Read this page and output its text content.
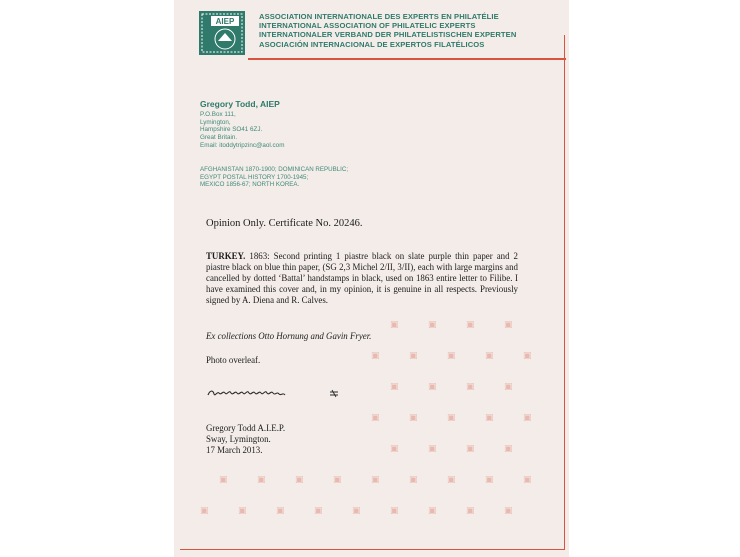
▣	▣	▣	▣
▣	▣	▣	▣	▣
▣	▣	▣	▣
▣	▣	▣	▣	▣
▣	▣	▣	▣
▣	▣	▣	▣	▣	▣	▣	▣	▣
▣	▣	▣	▣	▣	▣	▣	▣	▣
AIEP
ASSOCIATION INTERNATIONALE DES EXPERTS EN PHILATÉLIE
INTERNATIONAL ASSOCIATION OF PHILATELIC EXPERTS
INTERNATIONALER VERBAND DER PHILATELISTISCHEN EXPERTEN
ASOCIACIÓN INTERNACIONAL DE EXPERTOS FILATÉLICOS
Gregory Todd, AIEP
P.O.Box 111,
Lymington,
Hampshire SO41 6ZJ.
Great Britain.
Email: itoddytripzinc@aol.com
AFGHANISTAN 1870-1900; DOMINICAN REPUBLIC;
EGYPT POSTAL HISTORY 1700-1945;
MEXICO 1856-67; NORTH KOREA.
Opinion Only. Certificate No. 20246.
TURKEY. 1863: Second printing 1 piastre black on slate purple thin paper and 2 piastre black on blue thin paper, (SG 2,3 Michel 2/II, 3/II), each with large margins and cancelled by dotted ‘Battal’ handstamps in black, used on 1863 entire letter to Filibe. I have examined this cover and, in my opinion, it is genuine in all respects. Previously signed by A. Diena and R. Calves.
Ex collections Otto Hornung and Gavin Fryer.
Photo overleaf.
Gregory Todd A.I.E.P.
Sway, Lymington.
17 March 2013.
